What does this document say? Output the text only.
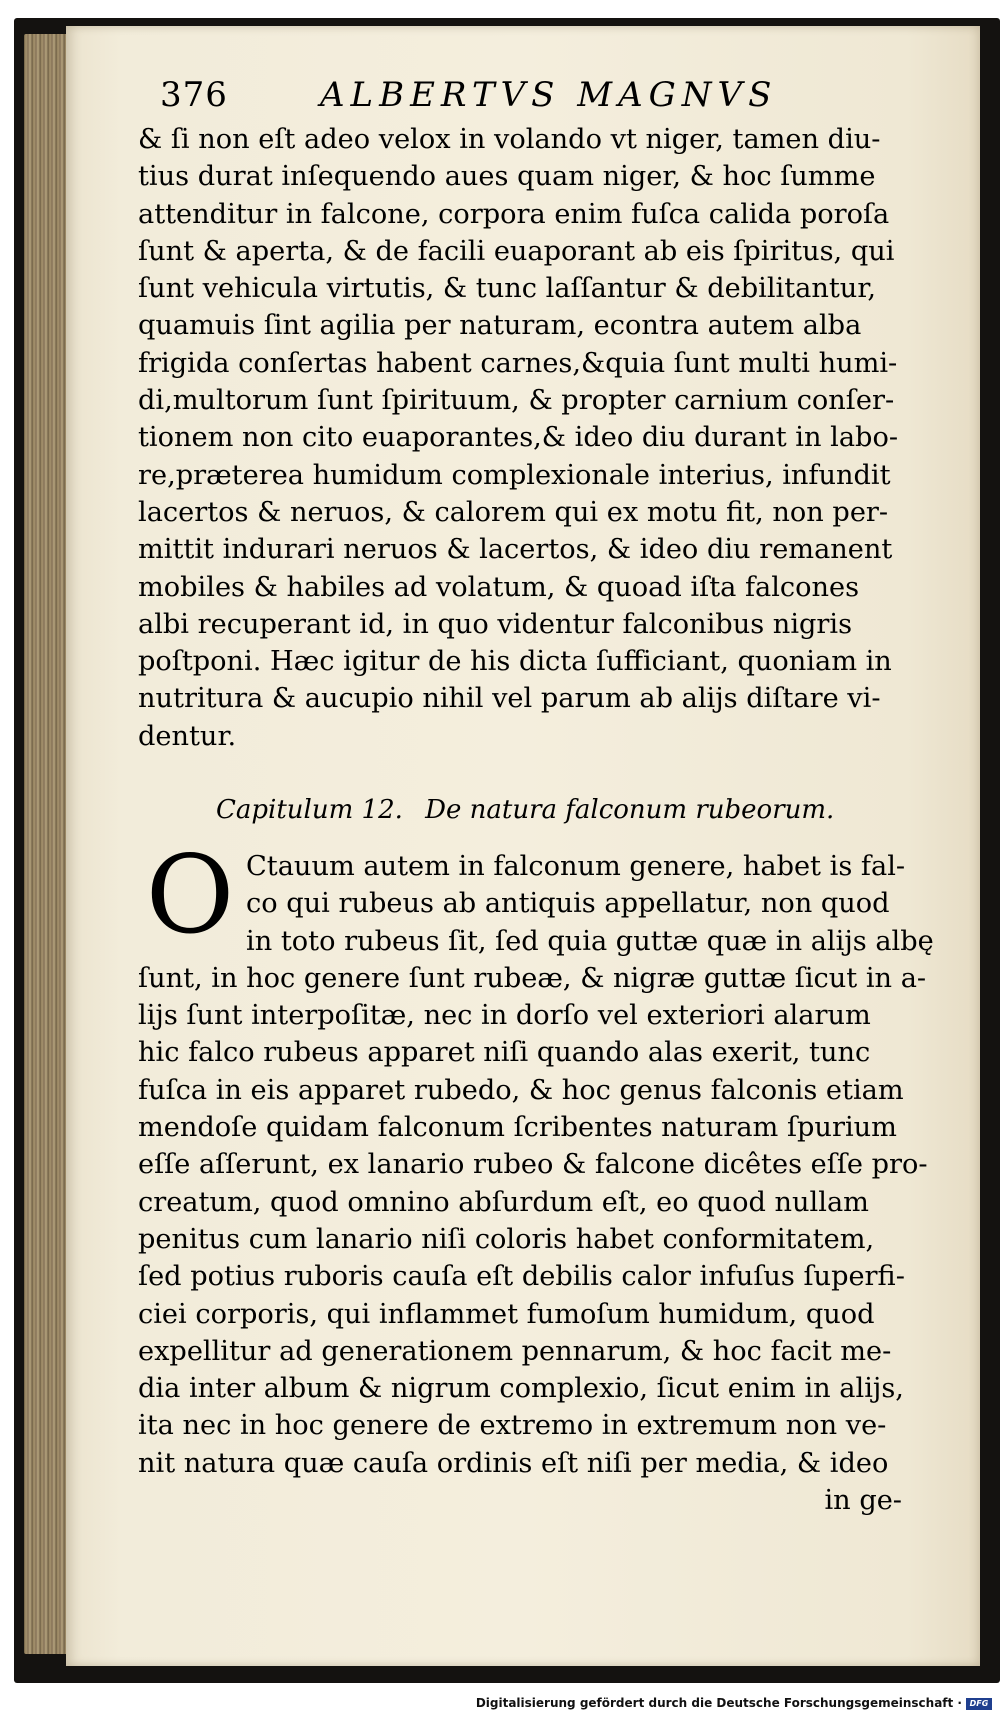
376	ALBERTVS MAGNVS
& ſi non eſt adeo velox in volando vt niger, tamen diu-
tius durat inſequendo aues quam niger, & hoc ſumme
attenditur in falcone, corpora enim fuſca calida poroſa
ſunt & aperta, & de facili euaporant ab eis ſpiritus, qui
ſunt vehicula virtutis, & tunc laſſantur & debilitantur,
quamuis ſint agilia per naturam, econtra autem alba
frigida conſertas habent carnes,&quia ſunt multi humi-
di,multorum ſunt ſpirituum, & propter carnium conſer-
tionem non cito euaporantes,& ideo diu durant in labo-
re,præterea humidum complexionale interius, infundit
lacertos & neruos, & calorem qui ex motu fit, non per-
mittit indurari neruos & lacertos, & ideo diu remanent
mobiles & habiles ad volatum, & quoad iſta falcones
albi recuperant id, in quo videntur falconibus nigris
poſtponi. Hæc igitur de his dicta ſufficiant, quoniam in
nutritura & aucupio nihil vel parum ab alijs diſtare vi-
dentur.
Capitulum 12. De natura falconum rubeorum.
O Ctauum autem in falconum genere, habet is fal-
co qui rubeus ab antiquis appellatur, non quod
in toto rubeus ſit, ſed quia guttæ quæ in alijs albę
ſunt, in hoc genere ſunt rubeæ, & nigræ guttæ ſicut in a-
lijs ſunt interpoſitæ, nec in dorſo vel exteriori alarum
hic falco rubeus apparet niſi quando alas exerit, tunc
fuſca in eis apparet rubedo, & hoc genus falconis etiam
mendoſe quidam falconum ſcribentes naturam ſpurium
eſſe aſſerunt, ex lanario rubeo & falcone dicêtes eſſe pro-
creatum, quod omnino abſurdum eſt, eo quod nullam
penitus cum lanario niſi coloris habet conformitatem,
ſed potius ruboris cauſa eſt debilis calor infuſus ſuperfi-
ciei corporis, qui inflammet fumoſum humidum, quod
expellitur ad generationem pennarum, & hoc facit me-
dia inter album & nigrum complexio, ſicut enim in alijs,
ita nec in hoc genere de extremo in extremum non ve-
nit natura quæ cauſa ordinis eſt niſi per media, & ideo
in ge-
Digitalisierung gefördert durch die Deutsche Forschungsgemeinschaft · DFG
